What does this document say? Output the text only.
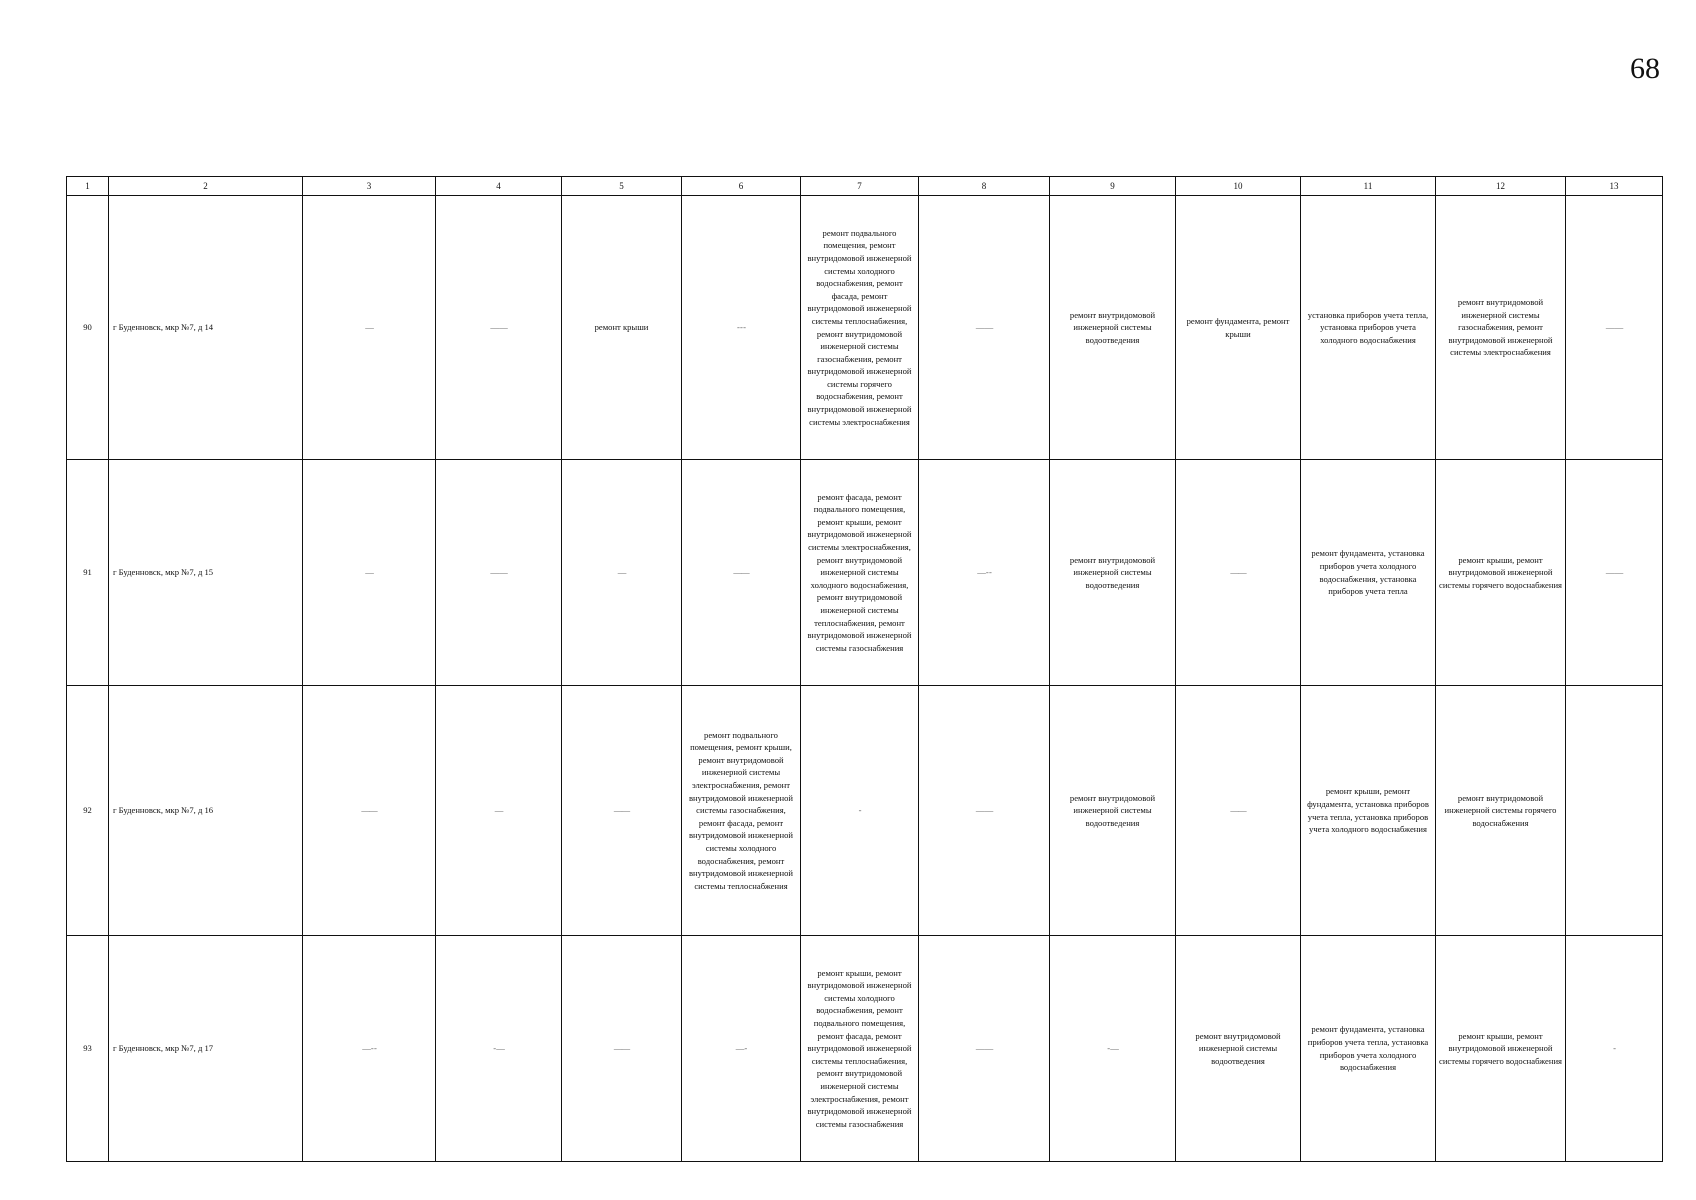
68
1	2	3	4	5	6	7	8	9	10	11	12	13
90	г Буденновск, мкр №7, д 14	—	— —	ремонт крыши	- - -	ремонт подвального помещения, ремонт внутридомовой инженерной системы холодного водоснабжения, ремонт фасада, ремонт внутридомовой инженерной системы теплоснабжения, ремонт внутридомовой инженерной системы газоснабжения, ремонт внутридомовой инженерной системы горячего водоснабжения, ремонт внутридомовой инженерной системы электроснабжения	— —	ремонт внутридомовой инженерной системы водоотведения	ремонт фундамента, ремонт крыши	установка приборов учета тепла, установка приборов учета холодного водоснабжения	ремонт внутридомовой инженерной системы газоснабжения, ремонт внутридомовой инженерной системы электроснабжения	— —
91	г Буденновск, мкр №7, д 15	—	— —	—	——	ремонт фасада, ремонт подвального помещения, ремонт крыши, ремонт внутридомовой инженерной системы электроснабжения, ремонт внутридомовой инженерной системы холодного водоснабжения, ремонт внутридомовой инженерной системы теплоснабжения, ремонт внутридомовой инженерной системы газоснабжения	— - -	ремонт внутридомовой инженерной системы водоотведения	——	ремонт фундамента, установка приборов учета холодного водоснабжения, установка приборов учета тепла	ремонт крыши, ремонт внутридомовой инженерной системы горячего водоснабжения	— —
92	г Буденновск, мкр №7, д 16	——	—	——	ремонт подвального помещения, ремонт крыши, ремонт внутридомовой инженерной системы электроснабжения, ремонт внутридомовой инженерной системы газоснабжения, ремонт фасада, ремонт внутридомовой инженерной системы холодного водоснабжения, ремонт внутридомовой инженерной системы теплоснабжения	-	— —	ремонт внутридомовой инженерной системы водоотведения	——	ремонт крыши, ремонт фундамента, установка приборов учета тепла, установка приборов учета холодного водоснабжения	ремонт внутридомовой инженерной системы горячего водоснабжения	
93	г Буденновск, мкр №7, д 17	— - -	- —	——	— -	ремонт крыши, ремонт внутридомовой инженерной системы холодного водоснабжения, ремонт подвального помещения, ремонт фасада, ремонт внутридомовой инженерной системы теплоснабжения, ремонт внутридомовой инженерной системы электроснабжения, ремонт внутридомовой инженерной системы газоснабжения	— —	- —	ремонт внутридомовой инженерной системы водоотведения	ремонт фундамента, установка приборов учета тепла, установка приборов учета холодного водоснабжения	ремонт крыши, ремонт внутридомовой инженерной системы горячего водоснабжения	-
